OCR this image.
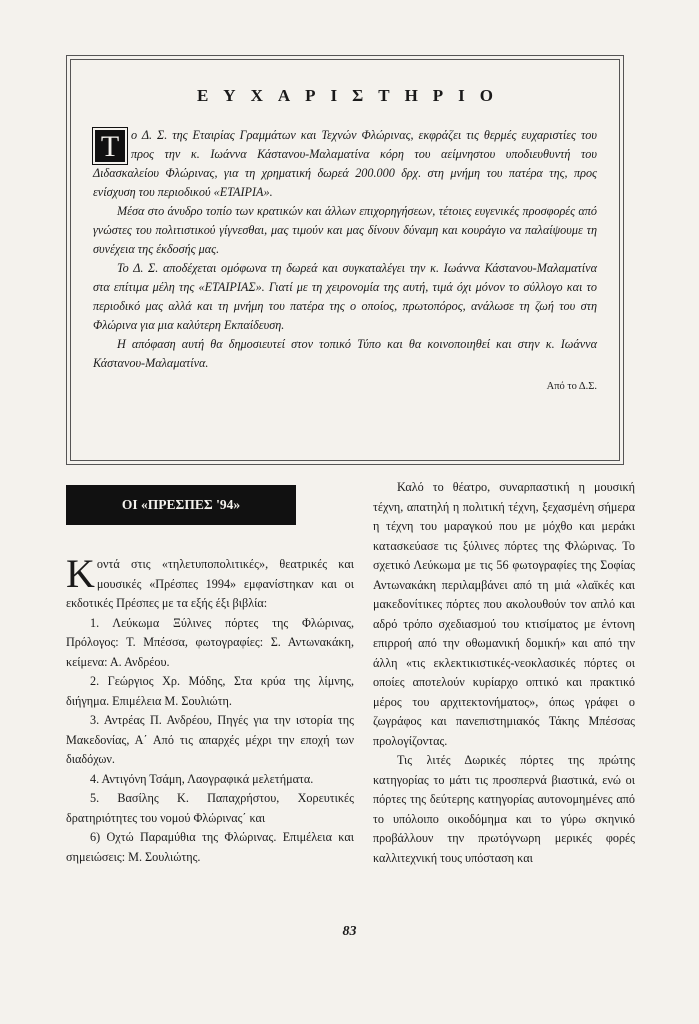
ΕΥΧΑΡΙΣΤΗΡΙΟ

Τ ο Δ. Σ. της Εταιρίας Γραμμάτων και Τεχνών Φλώρινας, εκφράζει τις θερμές ευχαριστίες του προς την κ. Ιωάννα Κάστανου-Μαλαματίνα κόρη του αείμνηστου υποδιευθυντή του Διδασκαλείου Φλώρινας, για τη χρηματική δωρεά 200.000 δρχ. στη μνήμη του πατέρα της, προς ενίσχυση του περιοδικού «ΕΤΑΙΡΙΑ».

Μέσα στο άνυδρο τοπίο των κρατικών και άλλων επιχορηγήσεων, τέτοιες ευγενικές προσφορές από γνώστες του πολιτιστικού γίγνεσθαι, μας τιμούν και μας δίνουν δύναμη και κουράγιο να παλαίψουμε τη συνέχεια της έκδοσής μας.

Το Δ. Σ. αποδέχεται ομόφωνα τη δωρεά και συγκαταλέγει την κ. Ιωάννα Κάστανου-Μαλαματίνα στα επίτιμα μέλη της «ΕΤΑΙΡΙΑΣ». Γιατί με τη χειρονομία της αυτή, τιμά όχι μόνον το σύλλογο και το περιοδικό μας αλλά και τη μνήμη του πατέρα της ο οποίος, πρωτοπόρος, ανάλωσε τη ζωή του στη Φλώρινα για μια καλύτερη Εκπαίδευση.

Η απόφαση αυτή θα δημοσιευτεί στον τοπικό Τύπο και θα κοινοποιηθεί και στην κ. Ιωάννα Κάστανου-Μαλαματίνα.

Από το Δ.Σ.
ΟΙ «ΠΡΕΣΠΕΣ '94»

Κοντά στις «τηλετυποπολιτικές», θεατρικές και μουσικές «Πρέσπες 1994» εμφανίστηκαν και οι εκδοτικές Πρέσπες με τα εξής έξι βιβλία:

1. Λεύκωμα Ξύλινες πόρτες της Φλώρινας, Πρόλογος: Τ. Μπέσσα, φωτογραφίες: Σ. Αντωνακάκη, κείμενα: Α. Ανδρέου.

2. Γεώργιος Χρ. Μόδης, Στα κρύα της λίμνης, διήγημα. Επιμέλεια Μ. Σουλιώτη.

3. Αντρέας Π. Ανδρέου, Πηγές για την ιστορία της Μακεδονίας, Α΄ Από τις απαρχές μέχρι την εποχή των διαδόχων.

4. Αντιγόνη Τσάμη, Λαογραφικά μελετήματα.

5. Βασίλης Κ. Παπαχρήστου, Χορευτικές δρατηριότητες του νομού Φλώρινας΄ και

6) Οχτώ Παραμύθια της Φλώρινας. Επιμέλεια και σημειώσεις: Μ. Σουλιώτης.

Καλό το θέατρο, συναρπαστική η μουσική τέχνη, απατηλή η πολιτική τέχνη, ξεχασμένη σήμερα η τέχνη του μαραγκού που με μόχθο και μεράκι κατασκεύασε τις ξύλινες πόρτες της Φλώρινας. Το σχετικό Λεύκωμα με τις 56 φωτογραφίες της Σοφίας Αντωνακάκη περιλαμβάνει από τη μιά «λαϊκές και μακεδονίτικες πόρτες που ακολουθούν τον απλό και αδρό τρόπο σχεδιασμού του κτισίματος με έντονη επιρροή από την οθωμανική δομική» και από την άλλη «τις εκλεκτικιστικές-νεοκλασικές πόρτες οι οποίες αποτελούν κυρίαρχο οπτικό και πρακτικό μέρος του αρχιτεκτονήματος», όπως γράφει ο ζωγράφος και πανεπιστημιακός Τάκης Μπέσσας προλογίζοντας.

Τις λιτές Δωρικές πόρτες της πρώτης κατηγορίας το μάτι τις προσπερνά βιαστικά, ενώ οι πόρτες της δεύτερης κατηγορίας αυτονομημένες από το υπόλοιπο οικοδόμημα και το γύρω σκηνικό προβάλλουν την πρωτόγνωρη μερικές φορές καλλιτεχνική τους υπόσταση και

83
